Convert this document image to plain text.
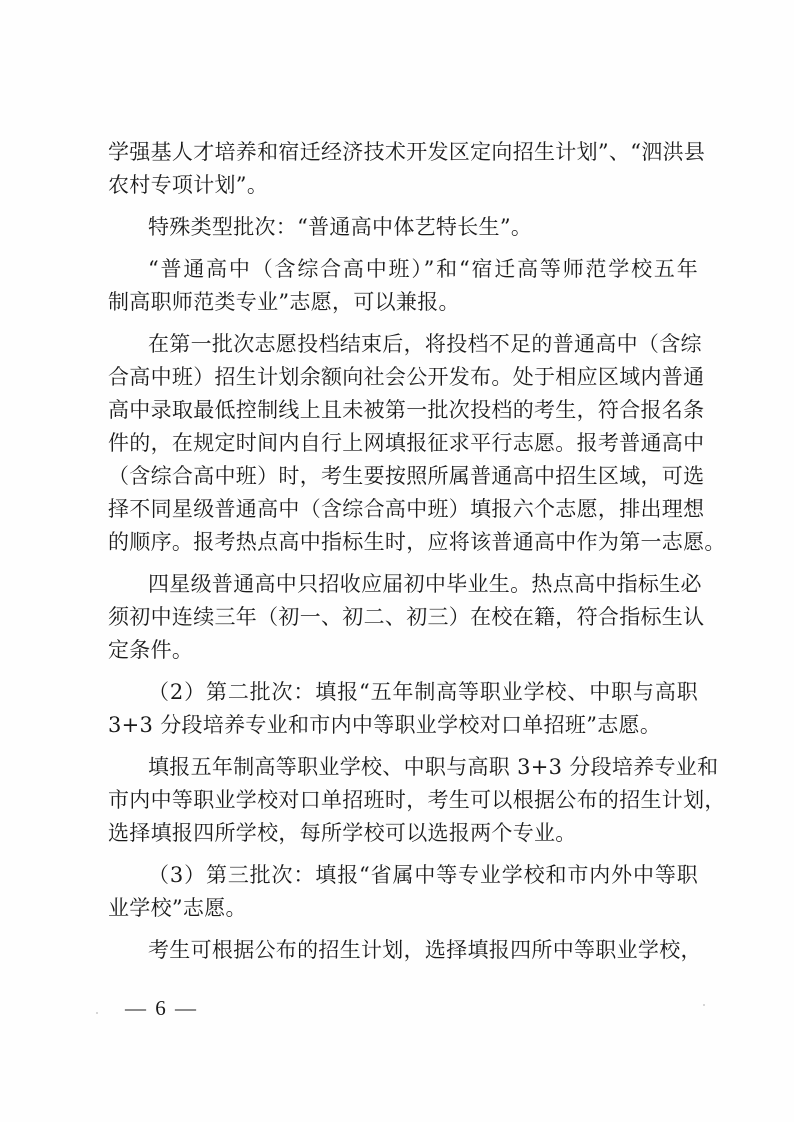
学强基人才培养和宿迁经济技术开发区定向招生计划”、“泗洪县

农村专项计划”。

特殊类型批次：“普通高中体艺特长生”。

“普通高中（含综合高中班）”和“宿迁高等师范学校五年

制高职师范类专业”志愿，可以兼报。

在第一批次志愿投档结束后，将投档不足的普通高中（含综

合高中班）招生计划余额向社会公开发布。处于相应区域内普通

高中录取最低控制线上且未被第一批次投档的考生，符合报名条

件的，在规定时间内自行上网填报征求平行志愿。报考普通高中

（含综合高中班）时，考生要按照所属普通高中招生区域，可选

择不同星级普通高中（含综合高中班）填报六个志愿，排出理想

的顺序。报考热点高中指标生时，应将该普通高中作为第一志愿。

四星级普通高中只招收应届初中毕业生。热点高中指标生必

须初中连续三年（初一、初二、初三）在校在籍，符合指标生认

定条件。

（2）第二批次：填报“五年制高等职业学校、中职与高职

3+3 分段培养专业和市内中等职业学校对口单招班”志愿。

填报五年制高等职业学校、中职与高职 3+3 分段培养专业和

市内中等职业学校对口单招班时，考生可以根据公布的招生计划，

选择填报四所学校，每所学校可以选报两个专业。

（3）第三批次：填报“省属中等专业学校和市内外中等职

业学校”志愿。

考生可根据公布的招生计划，选择填报四所中等职业学校，

— 6 —
